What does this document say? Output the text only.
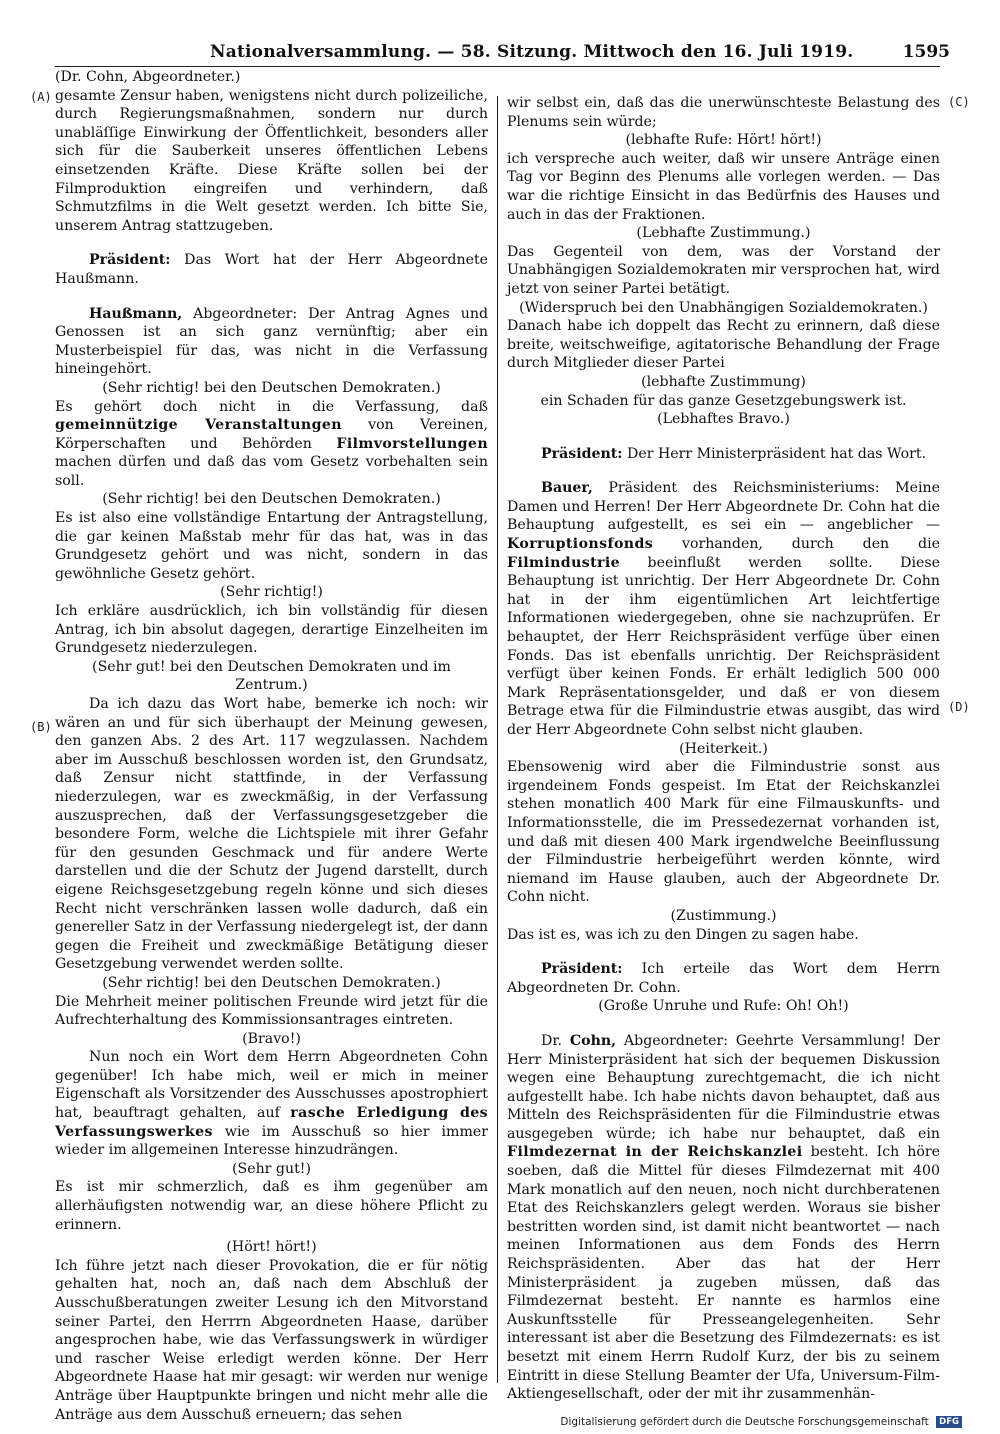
Nationalversammlung. — 58. Sitzung. Mittwoch den 16. Juli 1919.	1595
(A)
(B)
(C)
(D)

(Dr. Cohn, Abgeordneter.)

gesamte Zensur haben, wenigstens nicht durch polizeiliche, durch Regierungsmaßnahmen, sondern nur durch unabläſſige Einwirkung der Öffentlichkeit, besonders aller sich für die Sauberkeit unseres öffentlichen Lebens einsetzenden Kräfte. Diese Kräfte sollen bei der Filmproduktion eingreifen und verhindern, daß Schmutzfilms in die Welt gesetzt werden. Ich bitte Sie, unserem Antrag stattzugeben.

Präsident: Das Wort hat der Herr Abgeordnete Haußmann.

Haußmann, Abgeordneter: Der Antrag Agnes und Genossen ist an sich ganz vernünftig; aber ein Musterbeispiel für das, was nicht in die Verfassung hineingehört.

(Sehr richtig! bei den Deutschen Demokraten.)

Es gehört doch nicht in die Verfassung, daß gemeinnützige Veranstaltungen von Vereinen, Körperschaften und Behörden Filmvorstellungen machen dürfen und daß das vom Gesetz vorbehalten sein soll.

(Sehr richtig! bei den Deutschen Demokraten.)

Es ist also eine vollständige Entartung der Antragstellung, die gar keinen Maßstab mehr für das hat, was in das Grundgesetz gehört und was nicht, sondern in das gewöhnliche Gesetz gehört.

(Sehr richtig!)

Ich erkläre ausdrücklich, ich bin vollständig für diesen Antrag, ich bin absolut dagegen, derartige Einzelheiten im Grundgesetz niederzulegen.

(Sehr gut! bei den Deutschen Demokraten und im Zentrum.)

Da ich dazu das Wort habe, bemerke ich noch: wir wären an und für sich überhaupt der Meinung gewesen, den ganzen Abs. 2 des Art. 117 wegzulassen. Nachdem aber im Ausschuß beschlossen worden ist, den Grundsatz, daß Zensur nicht stattfinde, in der Verfassung niederzulegen, war es zweckmäßig, in der Verfassung auszusprechen, daß der Verfassungsgesetzgeber die besondere Form, welche die Lichtspiele mit ihrer Gefahr für den gesunden Geschmack und für andere Werte darstellen und die der Schutz der Jugend darstellt, durch eigene Reichsgesetzgebung regeln könne und sich dieses Recht nicht verschränken lassen wolle dadurch, daß ein genereller Satz in der Verfassung niedergelegt ist, der dann gegen die Freiheit und zweckmäßige Betätigung dieser Gesetzgebung verwendet werden sollte.

(Sehr richtig! bei den Deutschen Demokraten.)

Die Mehrheit meiner politischen Freunde wird jetzt für die Aufrechterhaltung des Kommissionsantrages eintreten.

(Bravo!)

Nun noch ein Wort dem Herrn Abgeordneten Cohn gegenüber! Ich habe mich, weil er mich in meiner Eigenschaft als Vorsitzender des Ausschusses apostrophiert hat, beauftragt gehalten, auf rasche Erledigung des Verfassungswerkes wie im Ausschuß so hier immer wieder im allgemeinen Interesse hinzudrängen.

(Sehr gut!)

Es ist mir schmerzlich, daß es ihm gegenüber am allerhäufigsten notwendig war, an diese höhere Pflicht zu erinnern.

(Hört! hört!)

Ich führe jetzt nach dieser Provokation, die er für nötig gehalten hat, noch an, daß nach dem Abschluß der Ausschußberatungen zweiter Lesung ich den Mitvorstand seiner Partei, den Herrrn Abgeordneten Haase, darüber angesprochen habe, wie das Verfassungswerk in würdiger und rascher Weise erledigt werden könne. Der Herr Abgeordnete Haase hat mir gesagt: wir werden nur wenige Anträge über Hauptpunkte bringen und nicht mehr alle die Anträge aus dem Ausschuß erneuern; das sehen

wir selbst ein, daß das die unerwünschteste Belastung des Plenums sein würde;

(lebhafte Rufe: Hört! hört!)

ich verspreche auch weiter, daß wir unsere Anträge einen Tag vor Beginn des Plenums alle vorlegen werden. — Das war die richtige Einsicht in das Bedürfnis des Hauses und auch in das der Fraktionen.

(Lebhafte Zustimmung.)

Das Gegenteil von dem, was der Vorstand der Unabhängigen Sozialdemokraten mir versprochen hat, wird jetzt von seiner Partei betätigt.

(Widerspruch bei den Unabhängigen Sozialdemokraten.)

Danach habe ich doppelt das Recht zu erinnern, daß diese breite, weitschweifige, agitatorische Behandlung der Frage durch Mitglieder dieser Partei

(lebhafte Zustimmung)

ein Schaden für das ganze Gesetzgebungswerk ist.

(Lebhaftes Bravo.)

Präsident: Der Herr Ministerpräsident hat das Wort.

Bauer, Präsident des Reichsministeriums: Meine Damen und Herren! Der Herr Abgeordnete Dr. Cohn hat die Behauptung aufgestellt, es sei ein — angeblicher — Korruptionsfonds vorhanden, durch den die Filmindustrie beeinflußt werden sollte. Diese Behauptung ist unrichtig. Der Herr Abgeordnete Dr. Cohn hat in der ihm eigentümlichen Art leichtfertige Informationen wiedergegeben, ohne sie nachzuprüfen. Er behauptet, der Herr Reichspräsident verfüge über einen Fonds. Das ist ebenfalls unrichtig. Der Reichspräsident verfügt über keinen Fonds. Er erhält lediglich 500 000 Mark Repräsentationsgelder, und daß er von diesem Betrage etwa für die Filmindustrie etwas ausgibt, das wird der Herr Abgeordnete Cohn selbst nicht glauben.

(Heiterkeit.)

Ebensowenig wird aber die Filmindustrie sonst aus irgendeinem Fonds gespeist. Im Etat der Reichskanzlei stehen monatlich 400 Mark für eine Filmauskunfts- und Informationsstelle, die im Pressedezernat vorhanden ist, und daß mit diesen 400 Mark irgendwelche Beeinflussung der Filmindustrie herbeigeführt werden könnte, wird niemand im Hause glauben, auch der Abgeordnete Dr. Cohn nicht.

(Zustimmung.)

Das ist es, was ich zu den Dingen zu sagen habe.

Präsident: Ich erteile das Wort dem Herrn Abgeordneten Dr. Cohn.

(Große Unruhe und Rufe: Oh! Oh!)

Dr. Cohn, Abgeordneter: Geehrte Versammlung! Der Herr Ministerpräsident hat sich der bequemen Diskussion wegen eine Behauptung zurechtgemacht, die ich nicht aufgestellt habe. Ich habe nichts davon behauptet, daß aus Mitteln des Reichspräsidenten für die Filmindustrie etwas ausgegeben würde; ich habe nur behauptet, daß ein Filmdezernat in der Reichskanzlei besteht. Ich höre soeben, daß die Mittel für dieses Filmdezernat mit 400 Mark monatlich auf den neuen, noch nicht durchberatenen Etat des Reichskanzlers gelegt werden. Woraus sie bisher bestritten worden sind, ist damit nicht beantwortet — nach meinen Informationen aus dem Fonds des Herrn Reichspräsidenten. Aber das hat der Herr Ministerpräsident ja zugeben müssen, daß das Filmdezernat besteht. Er nannte es harmlos eine Auskunftsstelle für Presseangelegenheiten. Sehr interessant ist aber die Besetzung des Filmdezernats: es ist besetzt mit einem Herrn Rudolf Kurz, der bis zu seinem Eintritt in diese Stellung Beamter der Ufa, Universum-Film-Aktiengesellschaft, oder der mit ihr zusammenhän-

Digitalisierung gefördert durch die Deutsche Forschungsgemeinschaft DFG
